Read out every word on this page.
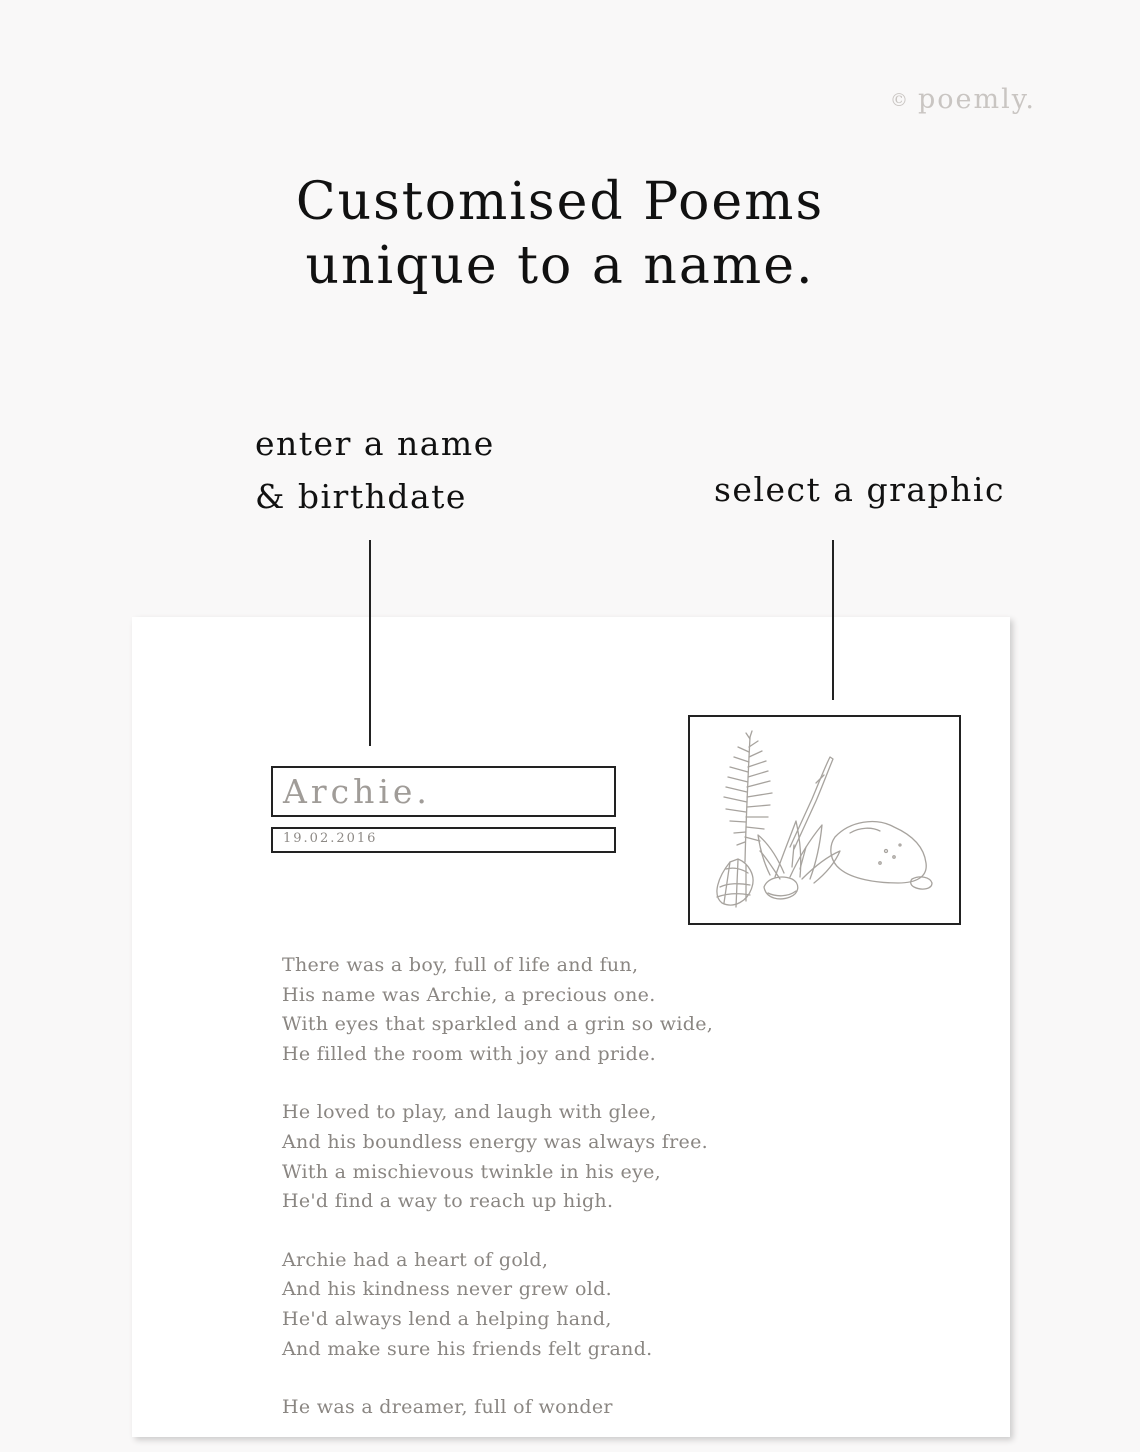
© poemly.
Customised Poems
unique to a name.
enter a name
& birthdate	select a graphic
Archie.
19.02.2016
There was a boy, full of life and fun,
His name was Archie, a precious one.
With eyes that sparkled and a grin so wide,
He filled the room with joy and pride.
He loved to play, and laugh with glee,
And his boundless energy was always free.
With a mischievous twinkle in his eye,
He'd find a way to reach up high.
Archie had a heart of gold,
And his kindness never grew old.
He'd always lend a helping hand,
And make sure his friends felt grand.
He was a dreamer, full of wonder
